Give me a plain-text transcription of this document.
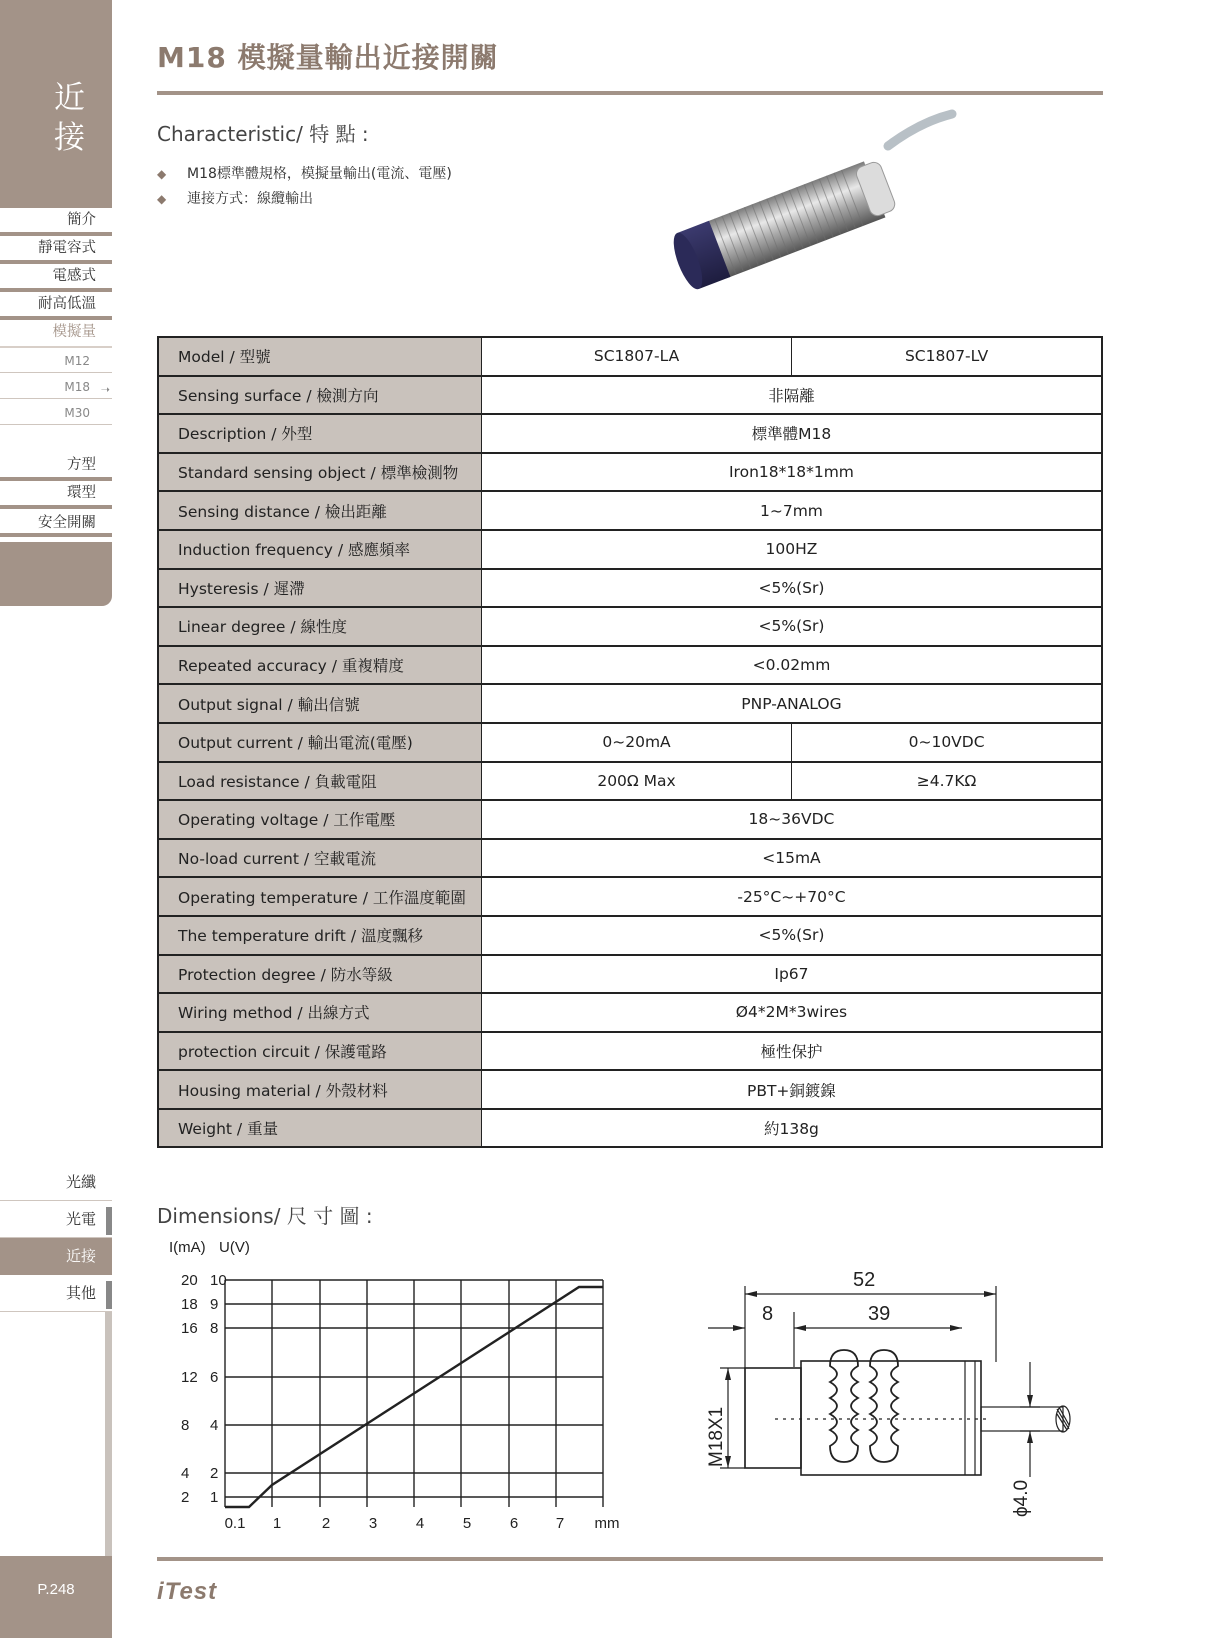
近 接
簡介
靜電容式
電感式
耐高低溫
模擬量
M12
M18 ➝
M30
方型
環型
安全開關
光纖
光電
近接
其他
P.248
M18 模擬量輸出近接開關
Characteristic/ 特 點 :
◆ M18標準體規格，模擬量輸出(電流、電壓)
◆ 連接方式：線纜輸出
Model / 型號	SC1807-LA	SC1807-LV
Sensing surface / 檢測方向	非隔離	
Description / 外型	標準體M18	
Standard sensing object / 標準檢測物	Iron18*18*1mm	
Sensing distance / 檢出距離	1~7mm	
Induction frequency / 感應頻率	100HZ	
Hysteresis / 遲滯	<5%(Sr)	
Linear degree / 線性度	<5%(Sr)	
Repeated accuracy / 重複精度	<0.02mm	
Output signal / 輸出信號	PNP-ANALOG	
Output current / 輸出電流(電壓)	0~20mA	0~10VDC
Load resistance / 負載電阻	200Ω Max	≥4.7KΩ
Operating voltage / 工作電壓	18~36VDC	
No-load current / 空載電流	<15mA	
Operating temperature / 工作溫度範圍	-25°C~+70°C	
The temperature drift / 溫度飄移	<5%(Sr)	
Protection degree / 防水等級	Ip67	
Wiring method / 出線方式	Ø4*2M*3wires	
protection circuit / 保護電路	極性保护	
Housing material / 外殼材料	PBT+銅鍍鎳	
Weight / 重量	約138g	
Dimensions/ 尺 寸 圖 :
I(mA) U(V)
20 10
18 9
16 8
12 6
8 4
4 2
2 1
0.1 1	2	3	4	5	6	7 mm
52
8	39
M18X1
ϕ4.0
iTest
